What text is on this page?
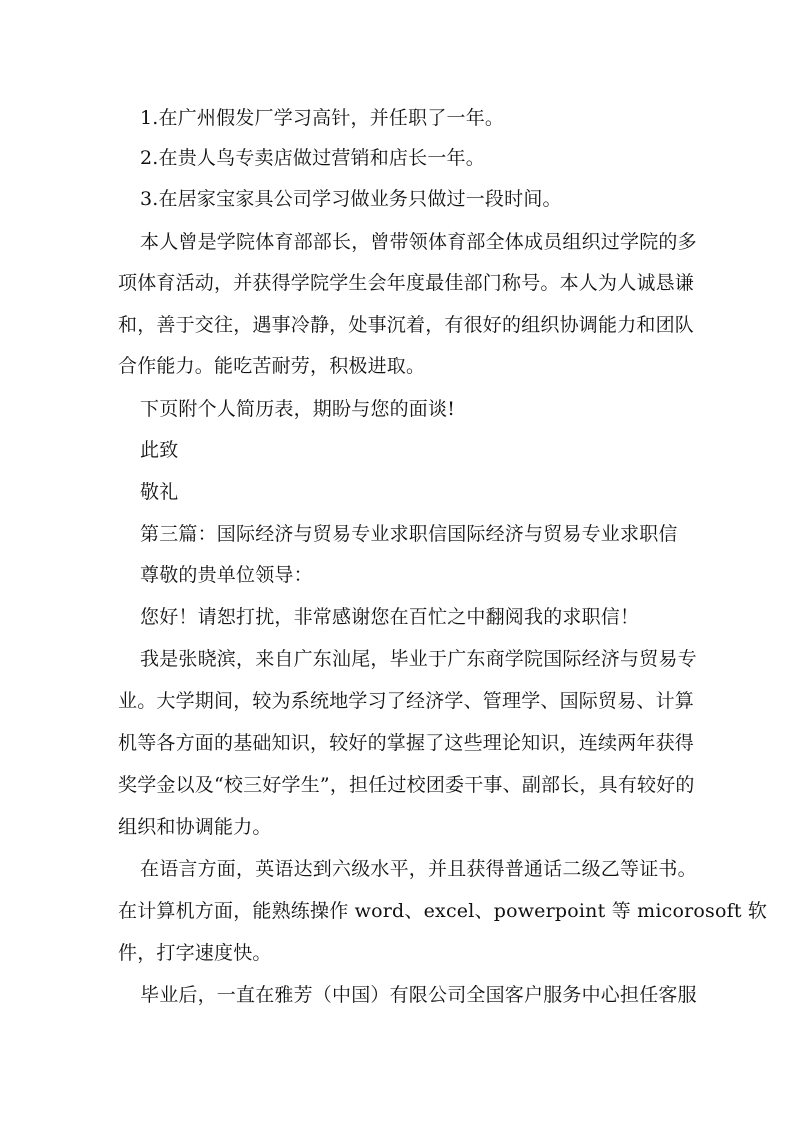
1.在广州假发厂学习高针，并任职了一年。
2.在贵人鸟专卖店做过营销和店长一年。
3.在居家宝家具公司学习做业务只做过一段时间。
本人曾是学院体育部部长，曾带领体育部全体成员组织过学院的多
项体育活动，并获得学院学生会年度最佳部门称号。本人为人诚恳谦
和，善于交往，遇事冷静，处事沉着，有很好的组织协调能力和团队
合作能力。能吃苦耐劳，积极进取。
下页附个人简历表，期盼与您的面谈!
此致
敬礼
第三篇：国际经济与贸易专业求职信国际经济与贸易专业求职信
尊敬的贵单位领导：
您好！请恕打扰，非常感谢您在百忙之中翻阅我的求职信！
我是张晓滨，来自广东汕尾，毕业于广东商学院国际经济与贸易专
业。大学期间，较为系统地学习了经济学、管理学、国际贸易、计算
机等各方面的基础知识，较好的掌握了这些理论知识，连续两年获得
奖学金以及“校三好学生”，担任过校团委干事、副部长，具有较好的
组织和协调能力。
在语言方面，英语达到六级水平，并且获得普通话二级乙等证书。
在计算机方面，能熟练操作 word、excel、powerpoint 等 micorosoft 软
件，打字速度快。
毕业后，一直在雅芳（中国）有限公司全国客户服务中心担任客服
